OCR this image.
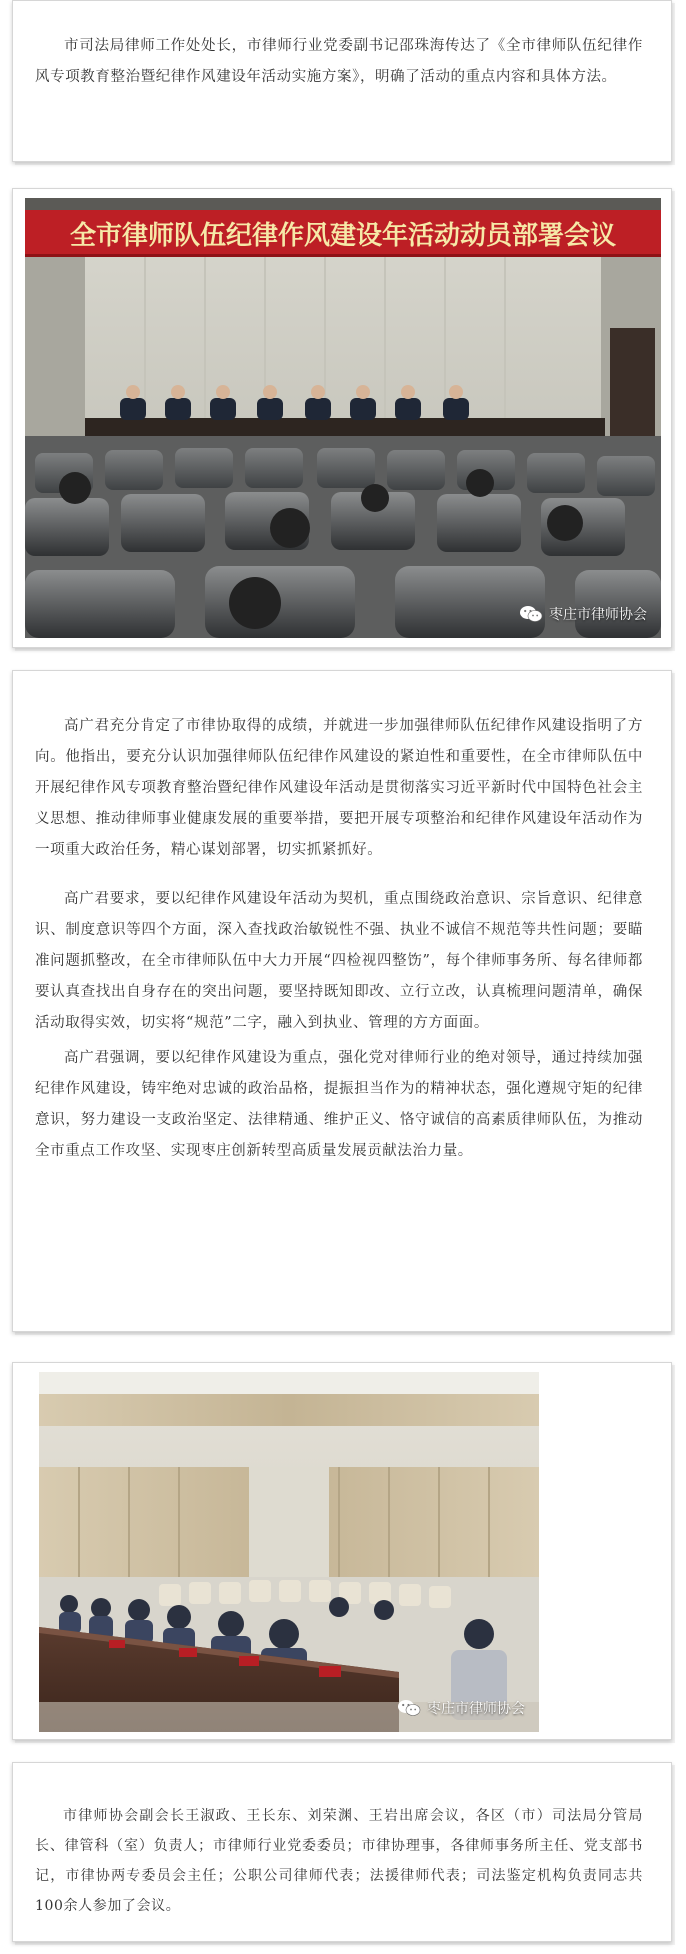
市司法局律师工作处处长，市律师行业党委副书记邵珠海传达了《全市律师队伍纪律作风专项教育整治暨纪律作风建设年活动实施方案》，明确了活动的重点内容和具体方法。

全市律师队伍纪律作风建设年活动动员部署会议
枣庄市律师协会

高广君充分肯定了市律协取得的成绩，并就进一步加强律师队伍纪律作风建设指明了方向。他指出，要充分认识加强律师队伍纪律作风建设的紧迫性和重要性，在全市律师队伍中开展纪律作风专项教育整治暨纪律作风建设年活动是贯彻落实习近平新时代中国特色社会主义思想、推动律师事业健康发展的重要举措，要把开展专项整治和纪律作风建设年活动作为一项重大政治任务，精心谋划部署，切实抓紧抓好。

高广君要求，要以纪律作风建设年活动为契机，重点围绕政治意识、宗旨意识、纪律意识、制度意识等四个方面，深入查找政治敏锐性不强、执业不诚信不规范等共性问题；要瞄准问题抓整改，在全市律师队伍中大力开展“四检视四整饬”，每个律师事务所、每名律师都要认真查找出自身存在的突出问题，要坚持既知即改、立行立改，认真梳理问题清单，确保活动取得实效，切实将“规范”二字，融入到执业、管理的方方面面。

高广君强调，要以纪律作风建设为重点，强化党对律师行业的绝对领导，通过持续加强纪律作风建设，铸牢绝对忠诚的政治品格，提振担当作为的精神状态，强化遵规守矩的纪律意识，努力建设一支政治坚定、法律精通、维护正义、恪守诚信的高素质律师队伍，为推动全市重点工作攻坚、实现枣庄创新转型高质量发展贡献法治力量。

枣庄市律师协会

市律师协会副会长王淑政、王长东、刘荣渊、王岩出席会议，各区（市）司法局分管局长、律管科（室）负责人；市律师行业党委委员；市律协理事，各律师事务所主任、党支部书记，市律协两专委员会主任；公职公司律师代表；法援律师代表；司法鉴定机构负责同志共100余人参加了会议。
